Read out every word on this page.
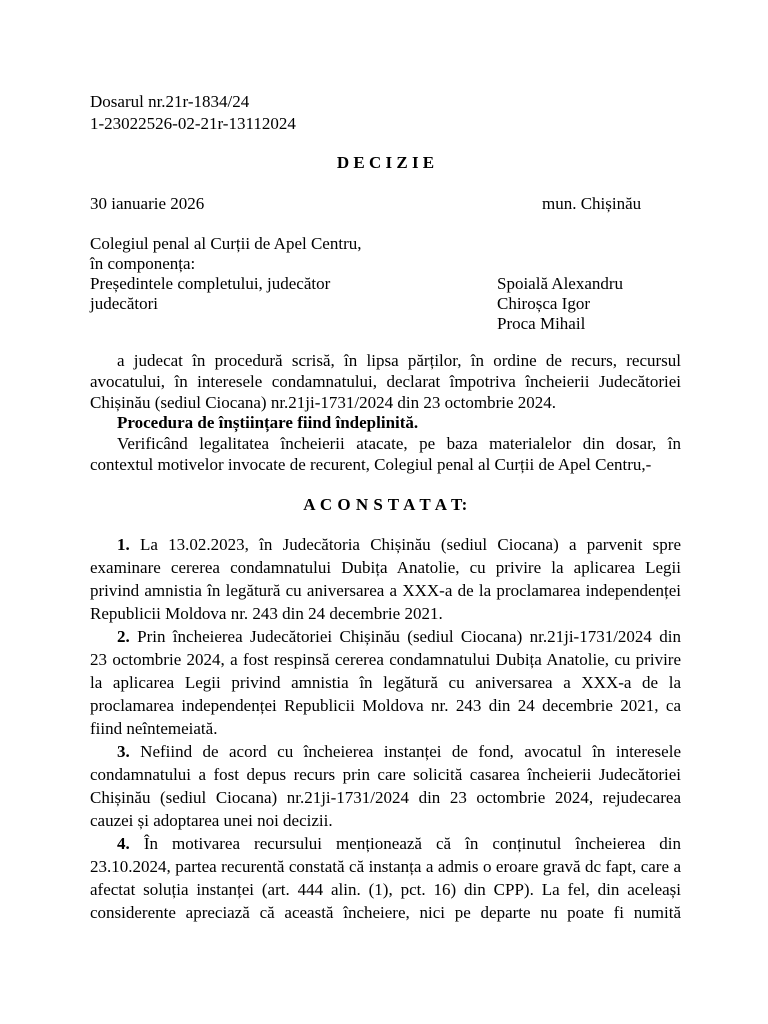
Dosarul nr.21r-1834/24
1-23022526-02-21r-13112024
D E C I Z I E
30 ianuarie 2026	mun. Chișinău
Colegiul penal al Curții de Apel Centru,
în componența:
Președintele completului, judecător	Spoială Alexandru
judecători	Chiroșca Igor
Proca Mihail
a judecat în procedură scrisă, în lipsa părților, în ordine de recurs, recursul
avocatului, în interesele condamnatului, declarat împotriva încheierii Judecătoriei
Chișinău (sediul Ciocana) nr.21ji-1731/2024 din 23 octombrie 2024.
Procedura de înștiințare fiind îndeplinită.
Verificând legalitatea încheierii atacate, pe baza materialelor din dosar, în
contextul motivelor invocate de recurent, Colegiul penal al Curții de Apel Centru,-
A C O N S T A T A T:
1. La 13.02.2023, în Judecătoria Chișinău (sediul Ciocana) a parvenit spre
examinare cererea condamnatului Dubița Anatolie, cu privire la aplicarea Legii
privind amnistia în legătură cu aniversarea a XXX-a de la proclamarea independenței
Republicii Moldova nr. 243 din 24 decembrie 2021.
2. Prin încheierea Judecătoriei Chișinău (sediul Ciocana) nr.21ji-1731/2024 din
23 octombrie 2024, a fost respinsă cererea condamnatului Dubița Anatolie, cu privire
la aplicarea Legii privind amnistia în legătură cu aniversarea a XXX-a de la
proclamarea independenței Republicii Moldova nr. 243 din 24 decembrie 2021, ca
fiind neîntemeiată.
3. Nefiind de acord cu încheierea instanței de fond, avocatul în interesele
condamnatului a fost depus recurs prin care solicită casarea încheierii Judecătoriei
Chișinău (sediul Ciocana) nr.21ji-1731/2024 din 23 octombrie 2024, rejudecarea
cauzei și adoptarea unei noi decizii.
4. În motivarea recursului menționează că în conținutul încheierea din
23.10.2024, partea recurentă constată că instanța a admis o eroare gravă dc fapt, care a
afectat soluția instanței (art. 444 alin. (1), pct. 16) din CPP). La fel, din aceleași
considerente apreciază că această încheiere, nici pe departe nu poate fi numită
